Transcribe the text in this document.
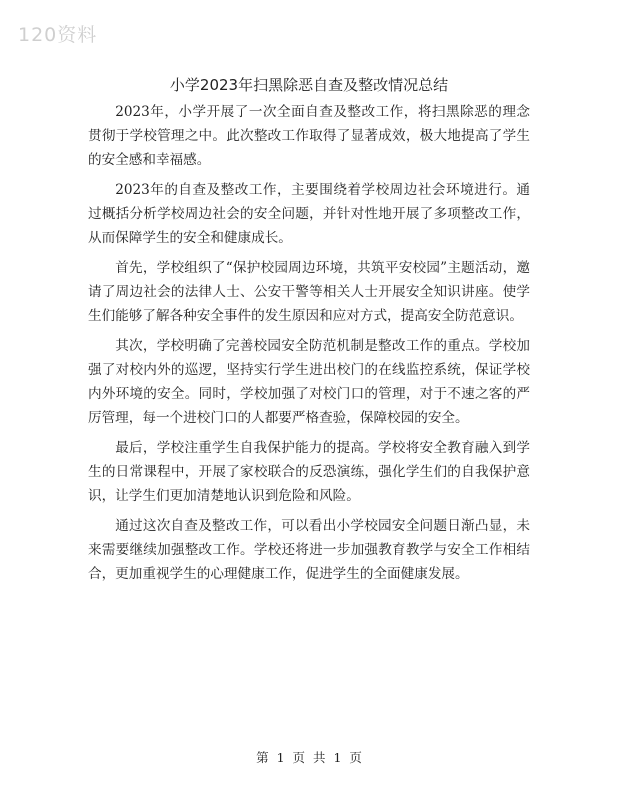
120资料
小学2023年扫黑除恶自查及整改情况总结

2023年，小学开展了一次全面自查及整改工作，将扫黑除恶的理念贯彻于学校管理之中。此次整改工作取得了显著成效，极大地提高了学生的安全感和幸福感。

2023年的自查及整改工作，主要围绕着学校周边社会环境进行。通过概括分析学校周边社会的安全问题，并针对性地开展了多项整改工作，从而保障学生的安全和健康成长。

首先，学校组织了“保护校园周边环境，共筑平安校园”主题活动，邀请了周边社会的法律人士、公安干警等相关人士开展安全知识讲座。使学生们能够了解各种安全事件的发生原因和应对方式，提高安全防范意识。

其次，学校明确了完善校园安全防范机制是整改工作的重点。学校加强了对校内外的巡逻，坚持实行学生进出校门的在线监控系统，保证学校内外环境的安全。同时，学校加强了对校门口的管理，对于不速之客的严厉管理，每一个进校门口的人都要严格查验，保障校园的安全。

最后，学校注重学生自我保护能力的提高。学校将安全教育融入到学生的日常课程中，开展了家校联合的反恐演练，强化学生们的自我保护意识，让学生们更加清楚地认识到危险和风险。

通过这次自查及整改工作，可以看出小学校园安全问题日渐凸显，未来需要继续加强整改工作。学校还将进一步加强教育教学与安全工作相结合，更加重视学生的心理健康工作，促进学生的全面健康发展。

第 1 页 共 1 页
